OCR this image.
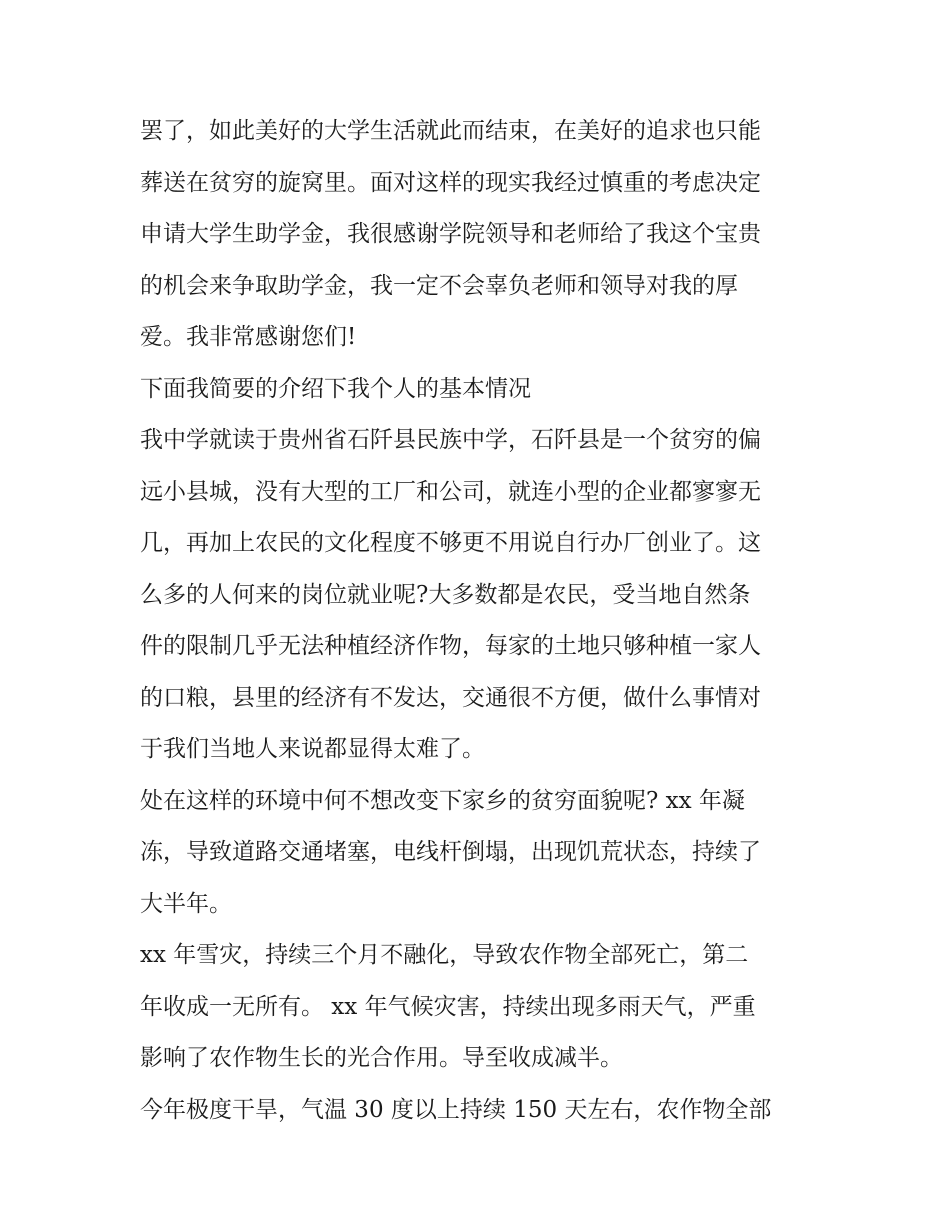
罢了，如此美好的大学生活就此而结束，在美好的追求也只能
葬送在贫穷的旋窝里。面对这样的现实我经过慎重的考虑决定
申请大学生助学金，我很感谢学院领导和老师给了我这个宝贵
的机会来争取助学金，我一定不会辜负老师和领导对我的厚
爱。我非常感谢您们!
下面我简要的介绍下我个人的基本情况
我中学就读于贵州省石阡县民族中学，石阡县是一个贫穷的偏
远小县城，没有大型的工厂和公司，就连小型的企业都寥寥无
几，再加上农民的文化程度不够更不用说自行办厂创业了。这
么多的人何来的岗位就业呢?大多数都是农民，受当地自然条
件的限制几乎无法种植经济作物，每家的土地只够种植一家人
的口粮，县里的经济有不发达，交通很不方便，做什么事情对
于我们当地人来说都显得太难了。
处在这样的环境中何不想改变下家乡的贫穷面貌呢? xx 年凝
冻，导致道路交通堵塞，电线杆倒塌，出现饥荒状态，持续了
大半年。
xx 年雪灾，持续三个月不融化，导致农作物全部死亡，第二
年收成一无所有。 xx 年气候灾害，持续出现多雨天气，严重
影响了农作物生长的光合作用。导至收成减半。
今年极度干旱，气温 30 度以上持续 150 天左右，农作物全部
